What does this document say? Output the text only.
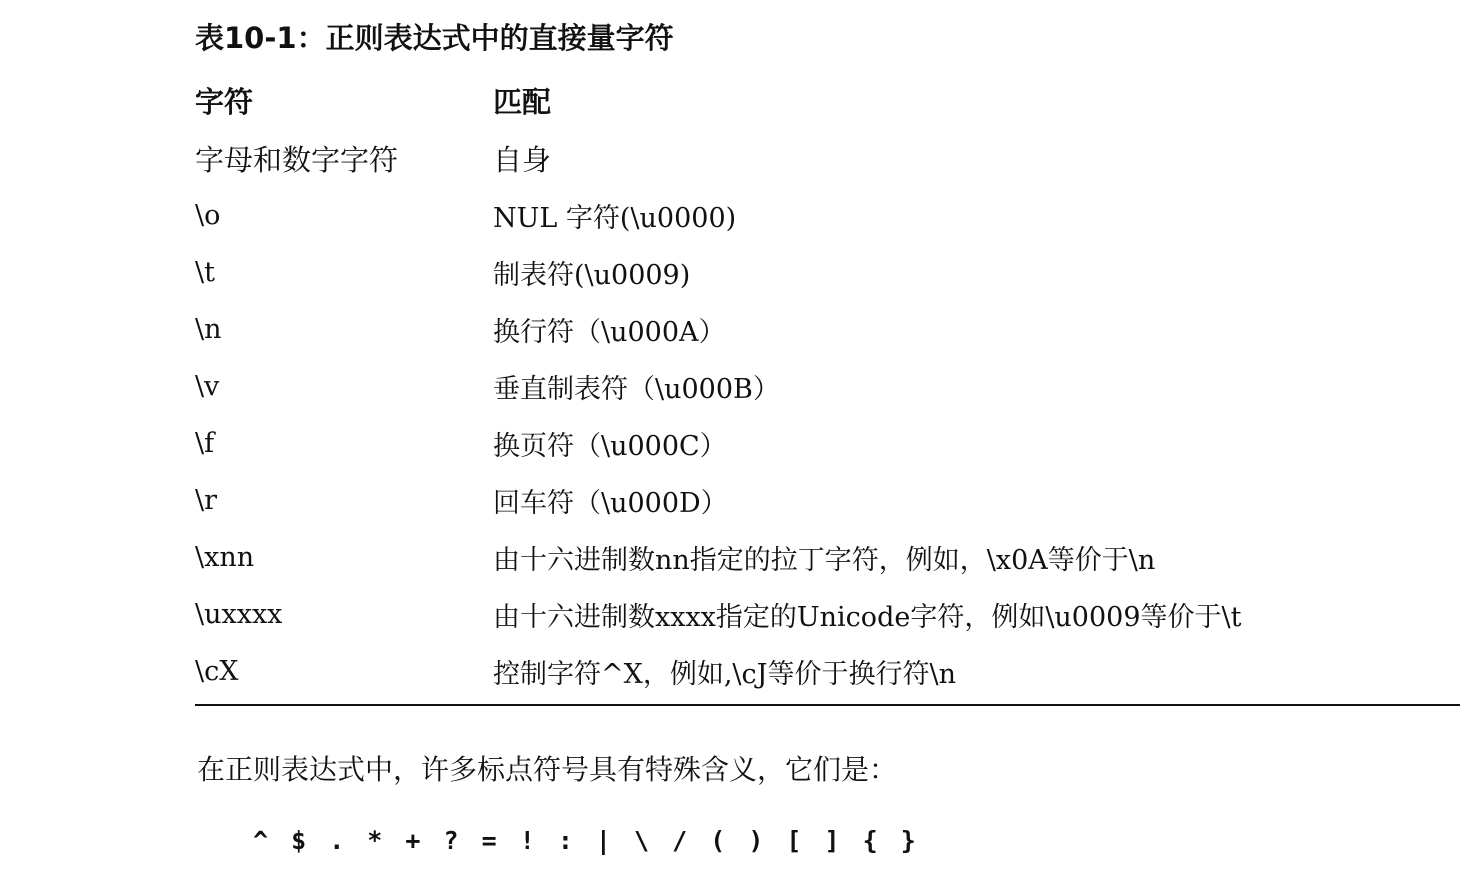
表10-1：正则表达式中的直接量字符
字符	匹配
字母和数字字符	自身
\o	NUL 字符(\u0000)
\t	制表符(\u0009)
\n	换行符（\u000A）
\v	垂直制表符（\u000B）
\f	换页符（\u000C）
\r	回车符（\u000D）
\xnn	由十六进制数nn指定的拉丁字符，例如，\x0A等价于\n
\uxxxx	由十六进制数xxxx指定的Unicode字符，例如\u0009等价于\t
\cX	控制字符^X，例如,\cJ等价于换行符\n
在正则表达式中，许多标点符号具有特殊含义，它们是：
^ $ . * + ? = ! : | \ / ( ) [ ] { }
